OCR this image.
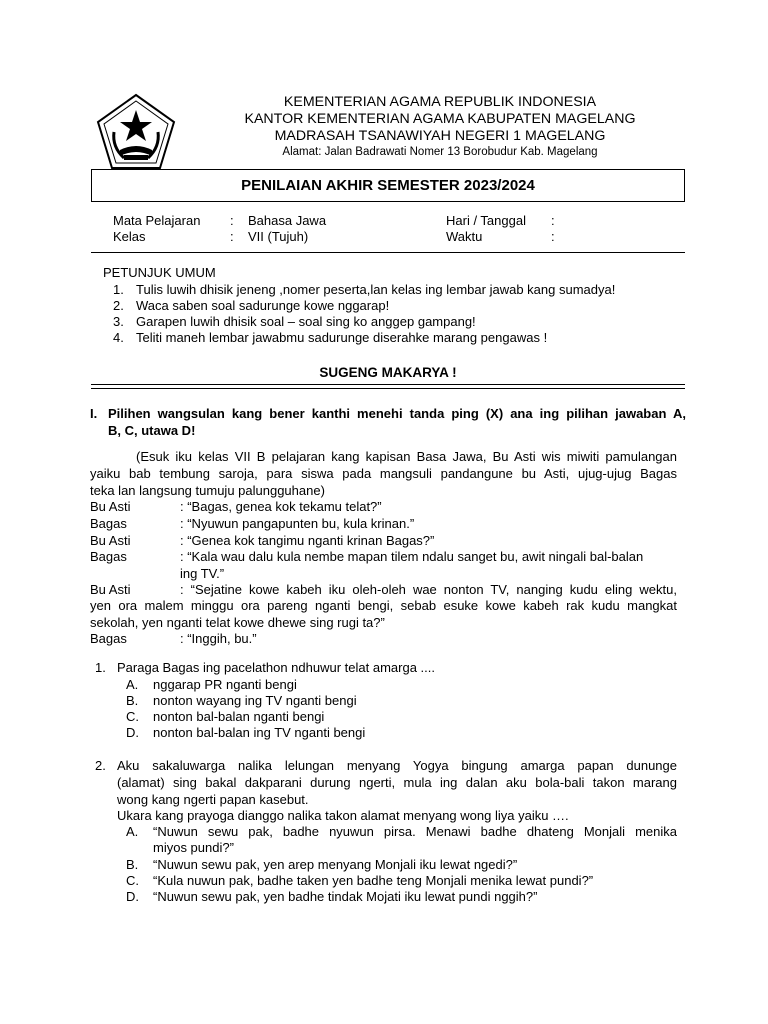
KEMENTERIAN AGAMA REPUBLIK INDONESIA
KANTOR KEMENTERIAN AGAMA KABUPATEN MAGELANG
MADRASAH TSANAWIYAH NEGERI 1 MAGELANG
Alamat: Jalan Badrawati Nomer 13 Borobudur Kab. Magelang
PENILAIAN AKHIR SEMESTER 2023/2024
Mata Pelajaran : Bahasa Jawa	Hari / Tanggal :
Kelas	: VII (Tujuh)	Waktu	:
PETUNJUK UMUM
1. Tulis luwih dhisik jeneng ,nomer peserta,lan kelas ing lembar jawab kang sumadya!
2. Waca saben soal sadurunge kowe nggarap!
3. Garapen luwih dhisik soal – soal sing ko anggep gampang!
4. Teliti maneh lembar jawabmu sadurunge diserahke marang pengawas !
SUGENG MAKARYA !
I. Pilihen wangsulan kang bener kanthi menehi tanda ping (X) ana ing pilihan jawaban A,
B, C, utawa D!
(Esuk iku kelas VII B pelajaran kang kapisan Basa Jawa, Bu Asti wis miwiti pamulangan
yaiku bab tembung saroja, para siswa pada mangsuli pandangune bu Asti, ujug-ujug Bagas
teka lan langsung tumuju palungguhane)
Bu Asti	: “Bagas, genea kok tekamu telat?”
Bagas	: “Nyuwun pangapunten bu, kula krinan.”
Bu Asti	: “Genea kok tangimu nganti krinan Bagas?”
Bagas	: “Kala wau dalu kula nembe mapan tilem ndalu sanget bu, awit ningali bal-balan
ing TV.”
Bu Asti	: “Sejatine kowe kabeh iku oleh-oleh wae nonton TV, nanging kudu eling wektu,
yen ora malem minggu ora pareng nganti bengi, sebab esuke kowe kabeh rak kudu mangkat
sekolah, yen nganti telat kowe dhewe sing rugi ta?”
Bagas	: “Inggih, bu.”
1. Paraga Bagas ing pacelathon ndhuwur telat amarga ....
A. nggarap PR nganti bengi
B. nonton wayang ing TV nganti bengi
C. nonton bal-balan nganti bengi
D. nonton bal-balan ing TV nganti bengi
2. Aku sakaluwarga nalika lelungan menyang Yogya bingung amarga papan dununge
(alamat) sing bakal dakparani durung ngerti, mula ing dalan aku bola-bali takon marang
wong kang ngerti papan kasebut.
Ukara kang prayoga dianggo nalika takon alamat menyang wong liya yaiku ….
A. “Nuwun sewu pak, badhe nyuwun pirsa. Menawi badhe dhateng Monjali menika
miyos pundi?”
B. “Nuwun sewu pak, yen arep menyang Monjali iku lewat ngedi?”
C. “Kula nuwun pak, badhe taken yen badhe teng Monjali menika lewat pundi?”
D. “Nuwun sewu pak, yen badhe tindak Mojati iku lewat pundi nggih?”
